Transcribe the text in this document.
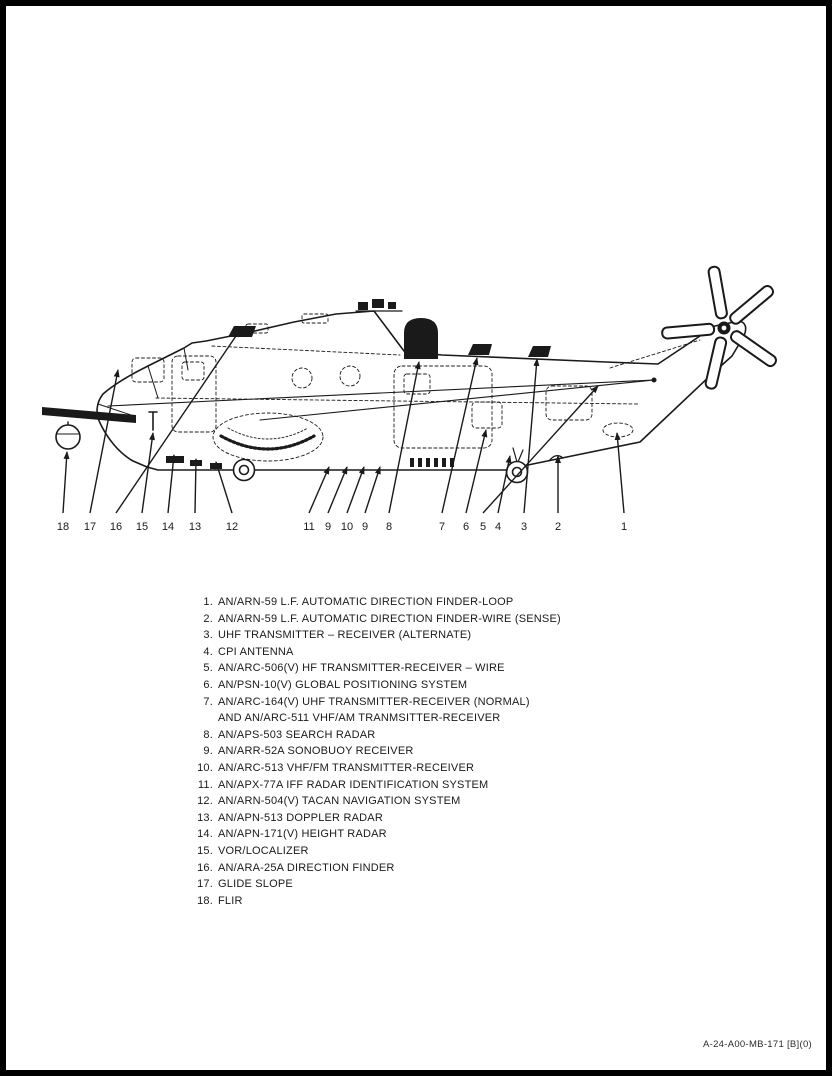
18 17 16 15 14 13 12	11 9 10 9 8	7 6 5 4 3	2	1
1. AN/ARN-59 L.F. AUTOMATIC DIRECTION FINDER-LOOP
2. AN/ARN-59 L.F. AUTOMATIC DIRECTION FINDER-WIRE (SENSE)
3. UHF TRANSMITTER – RECEIVER (ALTERNATE)
4. CPI ANTENNA
5. AN/ARC-506(V) HF TRANSMITTER-RECEIVER – WIRE
6. AN/PSN-10(V) GLOBAL POSITIONING SYSTEM
7. AN/ARC-164(V) UHF TRANSMITTER-RECEIVER (NORMAL)
AND AN/ARC-511 VHF/AM TRANMSITTER-RECEIVER
8. AN/APS-503 SEARCH RADAR
9. AN/ARR-52A SONOBUOY RECEIVER
10. AN/ARC-513 VHF/FM TRANSMITTER-RECEIVER
11. AN/APX-77A IFF RADAR IDENTIFICATION SYSTEM
12. AN/ARN-504(V) TACAN NAVIGATION SYSTEM
13. AN/APN-513 DOPPLER RADAR
14. AN/APN-171(V) HEIGHT RADAR
15. VOR/LOCALIZER
16. AN/ARA-25A DIRECTION FINDER
17. GLIDE SLOPE
18. FLIR
A-24-A00-MB-171 [B](0)
